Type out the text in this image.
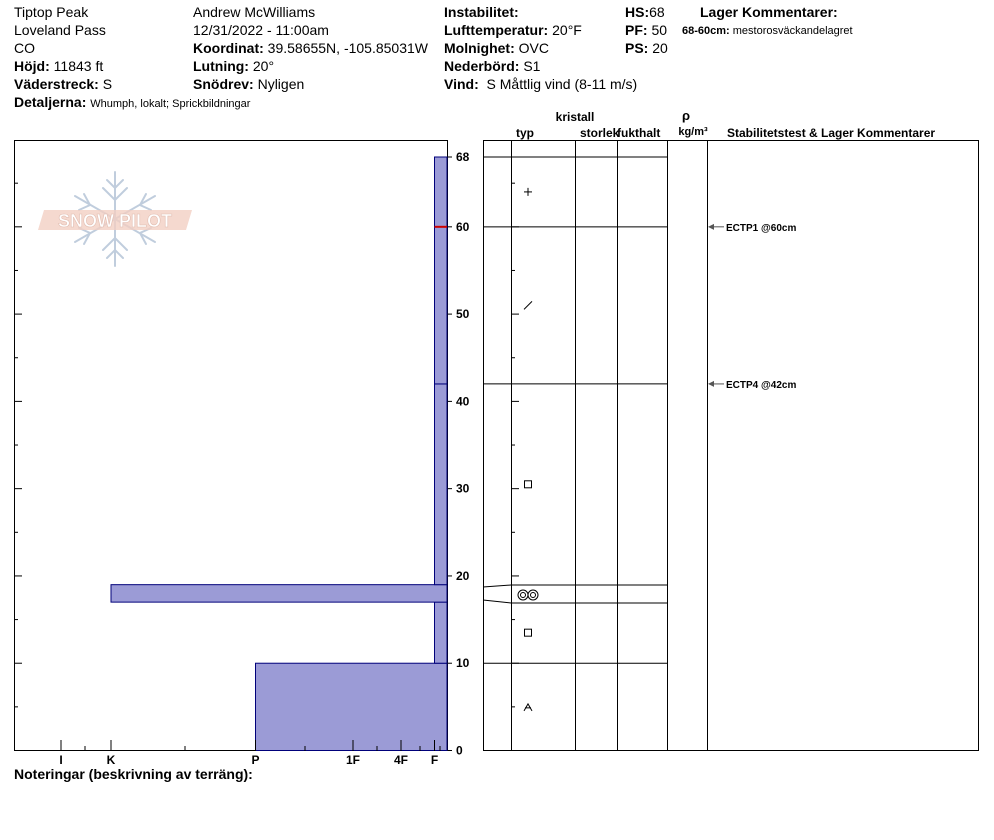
Tiptop Peak
Loveland Pass
CO
Höjd: 11843 ft
Väderstreck: S
Detaljerna: Whumph, lokalt; Sprickbildningar
Andrew McWilliams
12/31/2022 - 11:00am
Koordinat: 39.58655N, -105.85031W
Lutning: 20°
Snödrev: Nyligen
Instabilitet:
Lufttemperatur: 20°F
Molnighet: OVC
Nederbörd: S1
Vind: S Måttlig vind (8-11 m/s)
HS:68
PF: 50
PS: 20
Lager Kommentarer:
68-60cm: mestorosväckandelagret
Noteringar (beskrivning av terräng):
SNOW PILOT
I	K	P	1F	4F F
0
10
20
30
40
50
60
68
ECTP1 @60cm
ECTP4 @42cm
kristall
typ	storlek
fukthalt
ρ
kg/m³ Stabilitetstest & Lager Kommentarer
